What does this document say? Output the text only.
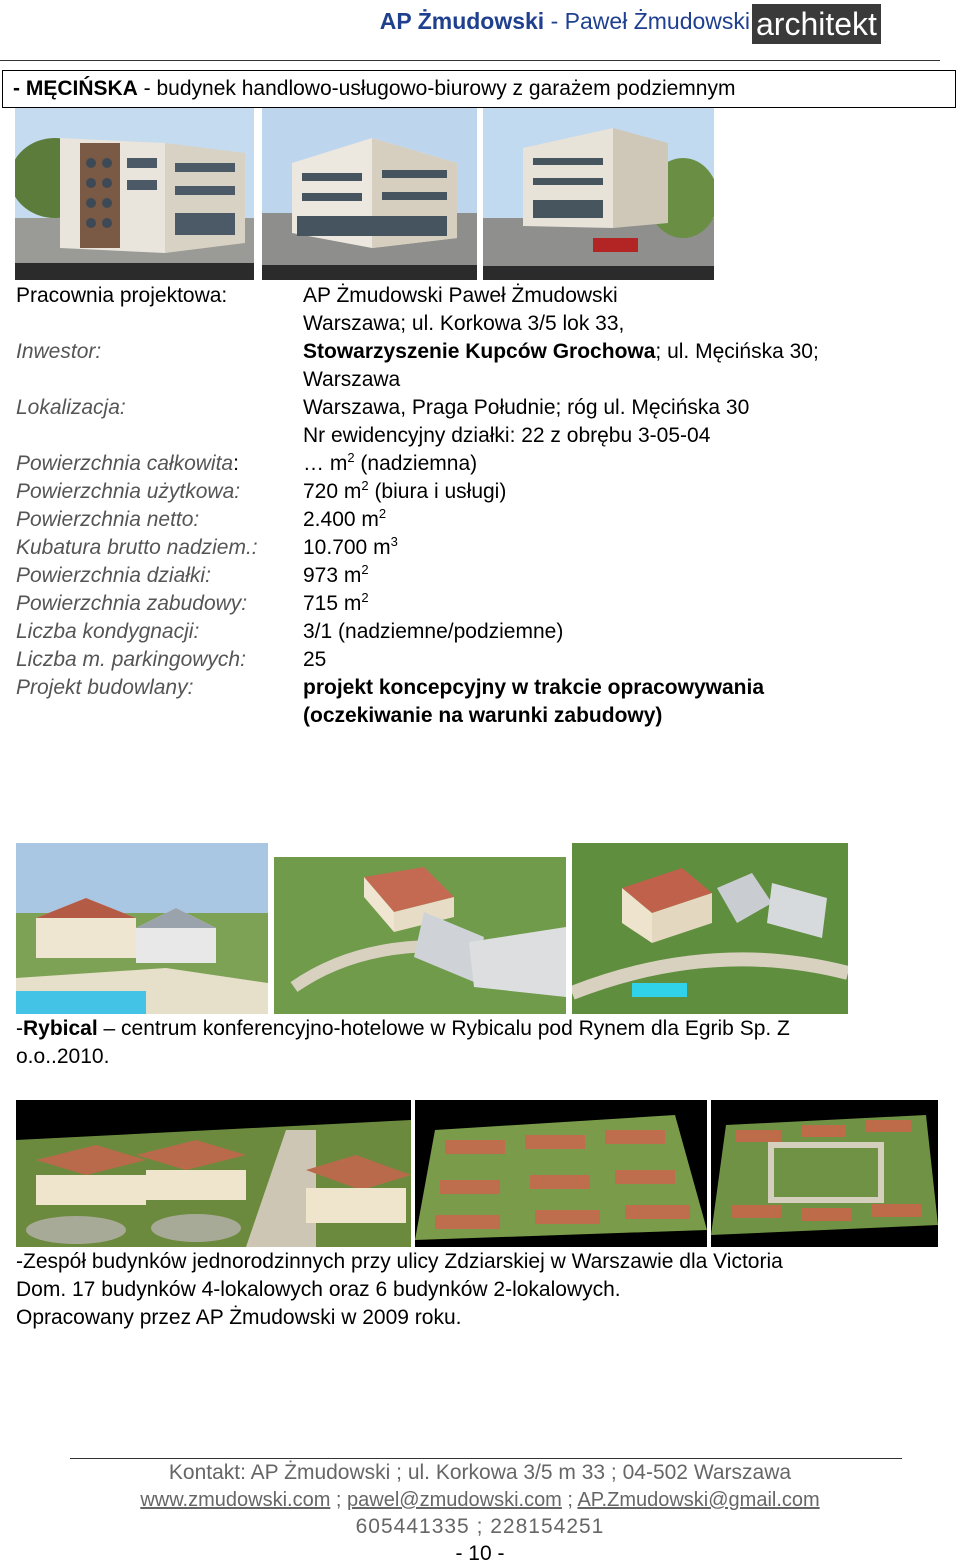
AP Żmudowski - Paweł Żmudowski architekt
- MĘCIŃSKA - budynek handlowo-usługowo-biurowy z garażem podziemnym
Pracownia projektowa:	AP Żmudowski Paweł Żmudowski
Warszawa; ul. Korkowa 3/5 lok 33,
Inwestor:	Stowarzyszenie Kupców Grochowa; ul. Męcińska 30;
Warszawa
Lokalizacja:	Warszawa, Praga Południe; róg ul. Męcińska 30
Nr ewidencyjny działki: 22 z obrębu 3-05-04
Powierzchnia całkowita:	… $m^2$ (nadziemna)
Powierzchnia użytkowa:	720 $m^2$ (biura i usługi)
Powierzchnia netto:	2.400 $m^2$
Kubatura brutto nadziem.: 10.700 $m^3$
Powierzchnia działki:	973 $m^2$
Powierzchnia zabudowy:	715 $m^2$
Liczba kondygnacji:	3/1 (nadziemne/podziemne)
Liczba m. parkingowych:	25
Projekt budowlany:	projekt koncepcyjny w trakcie opracowywania
(oczekiwanie na warunki zabudowy)
-Rybical – centrum konferencyjno-hotelowe w Rybicalu pod Rynem dla Egrib Sp. Z
o.o..2010.
-Zespół budynków jednorodzinnych przy ulicy Zdziarskiej w Warszawie dla Victoria
Dom. 17 budynków 4-lokalowych oraz 6 budynków 2-lokalowych.
Opracowany przez AP Żmudowski w 2009 roku.
Kontakt: AP Żmudowski ; ul. Korkowa 3/5 m 33 ; 04-502 Warszawa
www.zmudowski.com ; pawel@zmudowski.com ; AP.Zmudowski@gmail.com
605441335 ; 228154251
- 10 -
